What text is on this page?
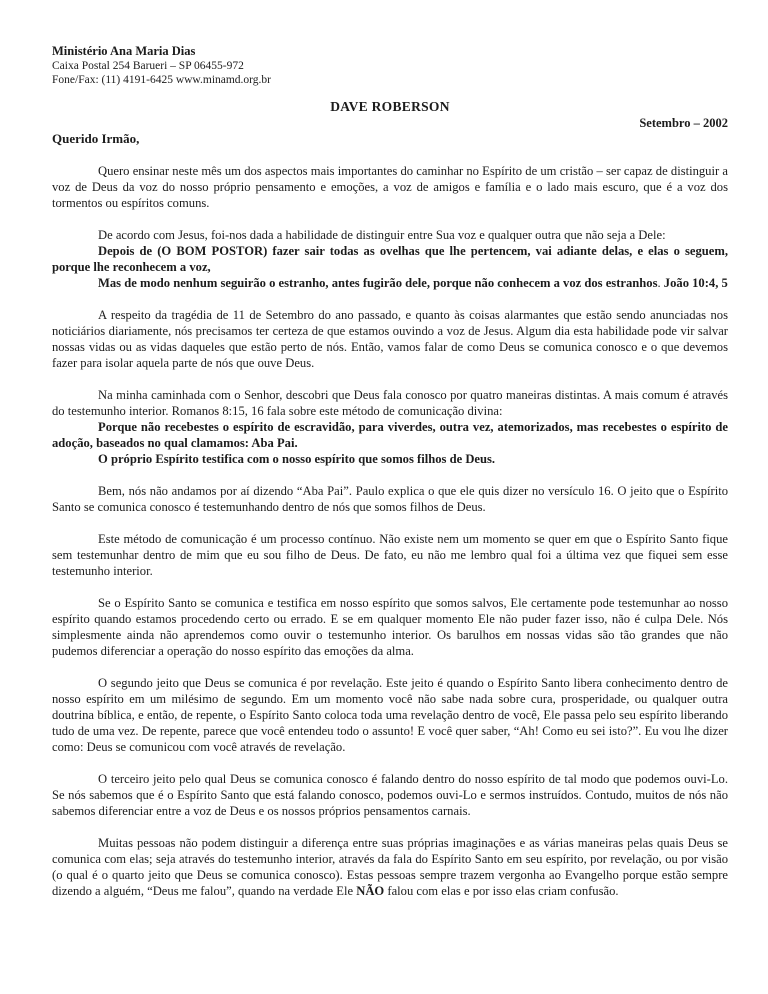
Ministério Ana Maria Dias
Caixa Postal 254 Barueri – SP 06455-972
Fone/Fax: (11) 4191-6425 www.minamd.org.br
DAVE ROBERSON
Setembro – 2002
Querido Irmão,

Quero ensinar neste mês um dos aspectos mais importantes do caminhar no Espírito de um cristão – ser capaz de distinguir a voz de Deus da voz do nosso próprio pensamento e emoções, a voz de amigos e família e o lado mais escuro, que é a voz dos tormentos ou espíritos comuns.

De acordo com Jesus, foi-nos dada a habilidade de distinguir entre Sua voz e qualquer outra que não seja a Dele:

Depois de (O BOM POSTOR) fazer sair todas as ovelhas que lhe pertencem, vai adiante delas, e elas o seguem, porque lhe reconhecem a voz,

Mas de modo nenhum seguirão o estranho, antes fugirão dele, porque não conhecem a voz dos estranhos. João 10:4, 5

A respeito da tragédia de 11 de Setembro do ano passado, e quanto às coisas alarmantes que estão sendo anunciadas nos noticiários diariamente, nós precisamos ter certeza de que estamos ouvindo a voz de Jesus. Algum dia esta habilidade pode vir salvar nossas vidas ou as vidas daqueles que estão perto de nós. Então, vamos falar de como Deus se comunica conosco e o que devemos fazer para isolar aquela parte de nós que ouve Deus.

Na minha caminhada com o Senhor, descobri que Deus fala conosco por quatro maneiras distintas. A mais comum é através do testemunho interior. Romanos 8:15, 16 fala sobre este método de comunicação divina:

Porque não recebestes o espírito de escravidão, para viverdes, outra vez, atemorizados, mas recebestes o espírito de adoção, baseados no qual clamamos: Aba Pai.

O próprio Espírito testifica com o nosso espírito que somos filhos de Deus.

Bem, nós não andamos por aí dizendo “Aba Pai”. Paulo explica o que ele quis dizer no versículo 16. O jeito que o Espírito Santo se comunica conosco é testemunhando dentro de nós que somos filhos de Deus.

Este método de comunicação é um processo contínuo. Não existe nem um momento se quer em que o Espírito Santo fique sem testemunhar dentro de mim que eu sou filho de Deus. De fato, eu não me lembro qual foi a última vez que fiquei sem esse testemunho interior.

Se o Espírito Santo se comunica e testifica em nosso espírito que somos salvos, Ele certamente pode testemunhar ao nosso espírito quando estamos procedendo certo ou errado. E se em qualquer momento Ele não puder fazer isso, não é culpa Dele. Nós simplesmente ainda não aprendemos como ouvir o testemunho interior. Os barulhos em nossas vidas são tão grandes que não pudemos diferenciar a operação do nosso espírito das emoções da alma.

O segundo jeito que Deus se comunica é por revelação. Este jeito é quando o Espírito Santo libera conhecimento dentro de nosso espírito em um milésimo de segundo. Em um momento você não sabe nada sobre cura, prosperidade, ou qualquer outra doutrina bíblica, e então, de repente, o Espírito Santo coloca toda uma revelação dentro de você, Ele passa pelo seu espírito liberando tudo de uma vez. De repente, parece que você entendeu todo o assunto! E você quer saber, “Ah! Como eu sei isto?”. Eu vou lhe dizer como: Deus se comunicou com você através de revelação.

O terceiro jeito pelo qual Deus se comunica conosco é falando dentro do nosso espírito de tal modo que podemos ouvi-Lo. Se nós sabemos que é o Espírito Santo que está falando conosco, podemos ouvi-Lo e sermos instruídos. Contudo, muitos de nós não sabemos diferenciar entre a voz de Deus e os nossos próprios pensamentos carnais.

Muitas pessoas não podem distinguir a diferença entre suas próprias imaginações e as várias maneiras pelas quais Deus se comunica com elas; seja através do testemunho interior, através da fala do Espírito Santo em seu espírito, por revelação, ou por visão (o qual é o quarto jeito que Deus se comunica conosco). Estas pessoas sempre trazem vergonha ao Evangelho porque estão sempre dizendo a alguém, “Deus me falou”, quando na verdade Ele NÃO falou com elas e por isso elas criam confusão.
